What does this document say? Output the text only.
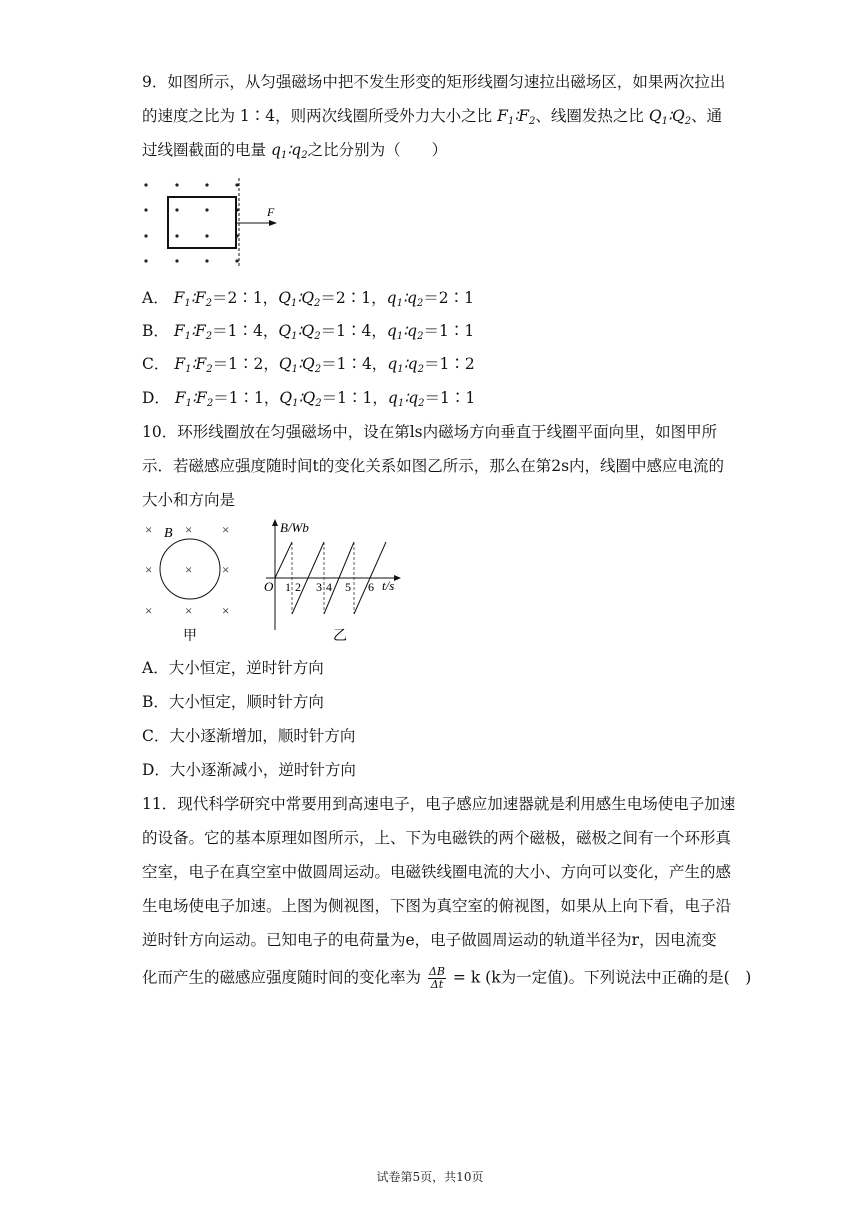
9．如图所示，从匀强磁场中把不发生形变的矩形线圈匀速拉出磁场区，如果两次拉出
的速度之比为 1∶4，则两次线圈所受外力大小之比 $F_1∶F_2$、线圈发热之比 $Q_1∶Q_2$、通
过线圈截面的电量 $q_1∶q_2$之比分别为（　　）
F
A． $F_1∶F_2=2∶1$，$Q_1∶Q_2=2∶1$，$q_1∶q_2=2∶1$
B． $F_1∶F_2=1∶4$，$Q_1∶Q_2=1∶4$，$q_1∶q_2=1∶1$
C． $F_1∶F_2=1∶2$，$Q_1∶Q_2=1∶4$，$q_1∶q_2=1∶2$
D． $F_1∶F_2=1∶1$，$Q_1∶Q_2=1∶1$，$q_1∶q_2=1∶1$
10．环形线圈放在匀强磁场中，设在第ls内磁场方向垂直于线圈平面向里，如图甲所
示．若磁感应强度随时间t的变化关系如图乙所示，那么在第2s内，线圈中感应电流的
大小和方向是
×	× ×
×	× ×
×	× ×
B
甲
B/Wb
t/s
O 1 2 3 4 5 6
乙
A．大小恒定，逆时针方向
B．大小恒定，顺时针方向
C．大小逐渐增加，顺时针方向
D．大小逐渐减小，逆时针方向
11．现代科学研究中常要用到高速电子，电子感应加速器就是利用感生电场使电子加速
的设备。它的基本原理如图所示，上、下为电磁铁的两个磁极，磁极之间有一个环形真
空室，电子在真空室中做圆周运动。电磁铁线圈电流的大小、方向可以变化，产生的感
生电场使电子加速。上图为侧视图，下图为真空室的俯视图，如果从上向下看，电子沿
逆时针方向运动。已知电子的电荷量为e，电子做圆周运动的轨道半径为r，因电流变
化而产生的磁感应强度随时间的变化率为 $\frac{\Delta B}{\Delta t} = k$ (k为一定值)。下列说法中正确的是(　)
试卷第5页，共10页
